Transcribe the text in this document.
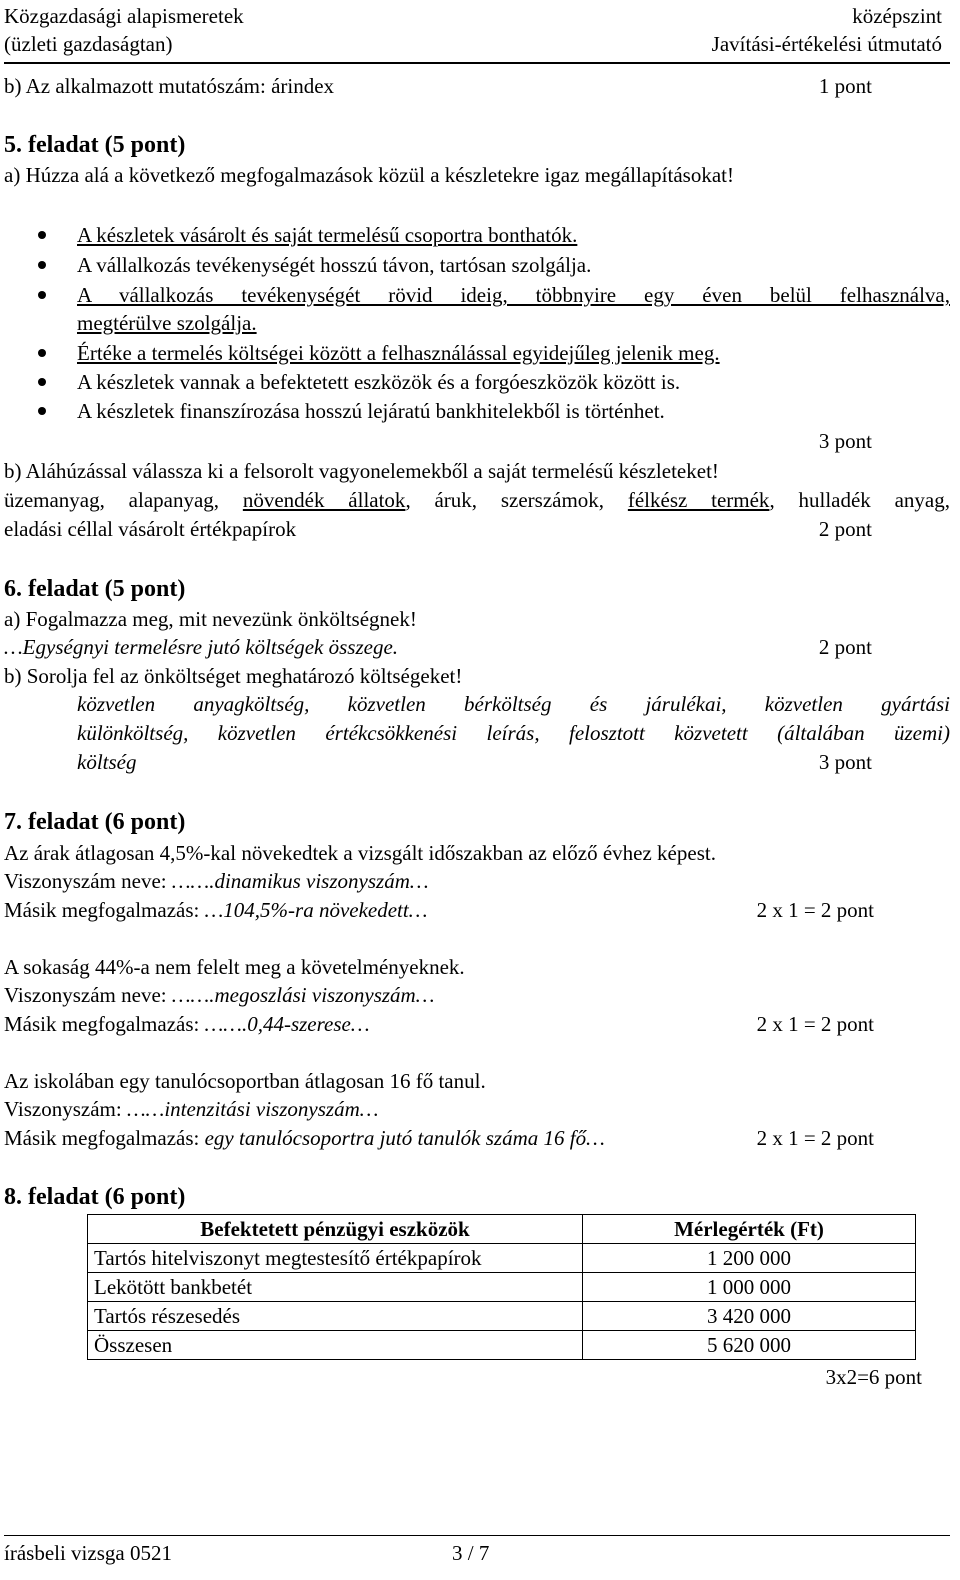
Közgazdasági alapismeretek
(üzleti gazdaságtan)
középszint
Javítási-értékelési útmutató
b) Az alkalmazott mutatószám: árindex	1 pont
5. feladat (5 pont)
a) Húzza alá a következő megfogalmazások közül a készletekre igaz megállapításokat!
A készletek vásárolt és saját termelésű csoportra bonthatók.
A vállalkozás tevékenységét hosszú távon, tartósan szolgálja.
A vállalkozás tevékenységét rövid ideig, többnyire egy éven belül felhasználva,
megtérülve szolgálja.
Értéke a termelés költségei között a felhasználással egyidejűleg jelenik meg.
A készletek vannak a befektetett eszközök és a forgóeszközök között is.
A készletek finanszírozása hosszú lejáratú bankhitelekből is történhet.
3 pont
b) Aláhúzással válassza ki a felsorolt vagyonelemekből a saját termelésű készleteket!
üzemanyag, alapanyag, növendék állatok, áruk, szerszámok, félkész termék, hulladék anyag,
eladási céllal vásárolt értékpapírok	2 pont
6. feladat (5 pont)
a) Fogalmazza meg, mit nevezünk önköltségnek!
…Egységnyi termelésre jutó költségek összege.	2 pont
b) Sorolja fel az önköltséget meghatározó költségeket!
közvetlen anyagköltség, közvetlen bérköltség és járulékai, közvetlen gyártási
különköltség, közvetlen értékcsökkenési leírás, felosztott közvetett (általában üzemi)
költség	3 pont
7. feladat (6 pont)
Az árak átlagosan 4,5%-kal növekedtek a vizsgált időszakban az előző évhez képest.
Viszonyszám neve: …….dinamikus viszonyszám…
Másik megfogalmazás: …104,5%-ra növekedett…	2 x 1 = 2 pont
A sokaság 44%-a nem felelt meg a követelményeknek.
Viszonyszám neve: …….megoszlási viszonyszám…
Másik megfogalmazás: …….0,44-szerese…	2 x 1 = 2 pont
Az iskolában egy tanulócsoportban átlagosan 16 fő tanul.
Viszonyszám: ……intenzitási viszonyszám…
Másik megfogalmazás: egy tanulócsoportra jutó tanulók száma 16 fő…	2 x 1 = 2 pont
8. feladat (6 pont)
Befektetett pénzügyi eszközök	Mérlegérték (Ft)
Tartós hitelviszonyt megtestesítő értékpapírok	1 200 000
Lekötött bankbetét	1 000 000
Tartós részesedés	3 420 000
Összesen	5 620 000
3x2=6 pont
írásbeli vizsga 0521	3 / 7
